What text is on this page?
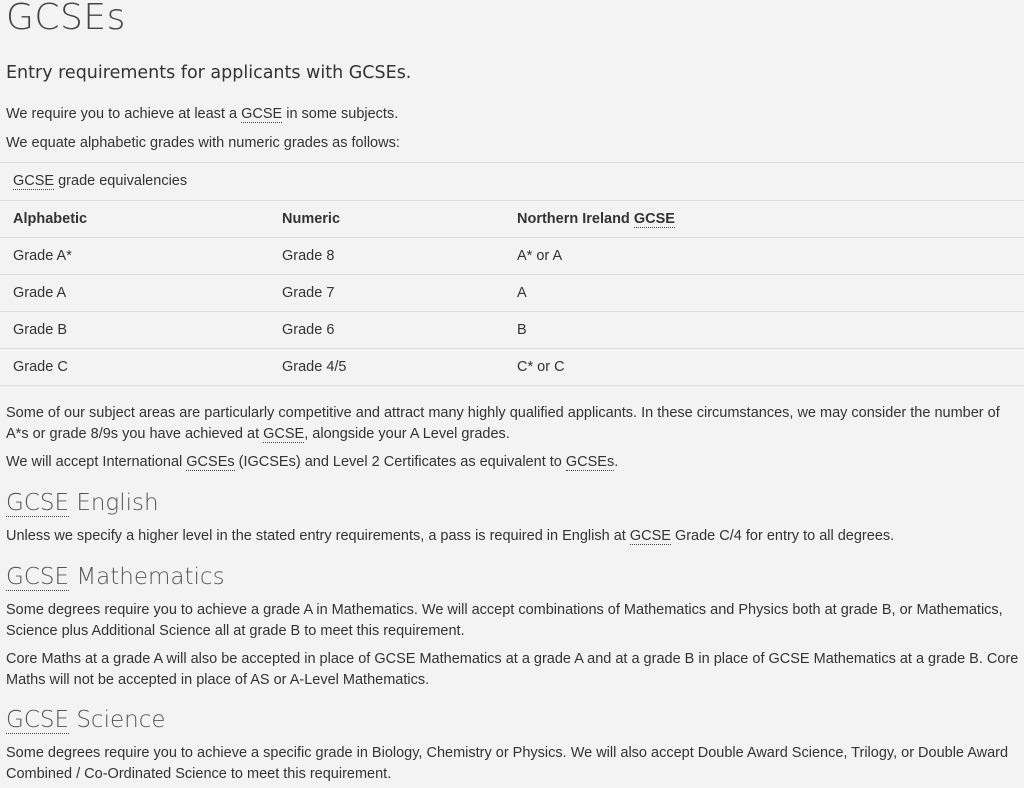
GCSEs
Entry requirements for applicants with GCSEs.

We require you to achieve at least a GCSE in some subjects.

We equate alphabetic grades with numeric grades as follows:

GCSE grade equivalencies
Alphabetic	Numeric	Northern Ireland GCSE
Grade A*	Grade 8	A* or A
Grade A	Grade 7	A
Grade B	Grade 6	B
Grade C	Grade 4/5	C* or C

Some of our subject areas are particularly competitive and attract many highly qualified applicants. In these circumstances, we may consider the number of

A*s or grade 8/9s you have achieved at GCSE, alongside your A Level grades.

We will accept International GCSEs (IGCSEs) and Level 2 Certificates as equivalent to GCSEs.

GCSE English

Unless we specify a higher level in the stated entry requirements, a pass is required in English at GCSE Grade C/4 for entry to all degrees.

GCSE Mathematics

Some degrees require you to achieve a grade A in Mathematics. We will accept combinations of Mathematics and Physics both at grade B, or Mathematics,

Science plus Additional Science all at grade B to meet this requirement.

Core Maths at a grade A will also be accepted in place of GCSE Mathematics at a grade A and at a grade B in place of GCSE Mathematics at a grade B. Core

Maths will not be accepted in place of AS or A-Level Mathematics.

GCSE Science

Some degrees require you to achieve a specific grade in Biology, Chemistry or Physics. We will also accept Double Award Science, Trilogy, or Double Award

Combined / Co-Ordinated Science to meet this requirement.
